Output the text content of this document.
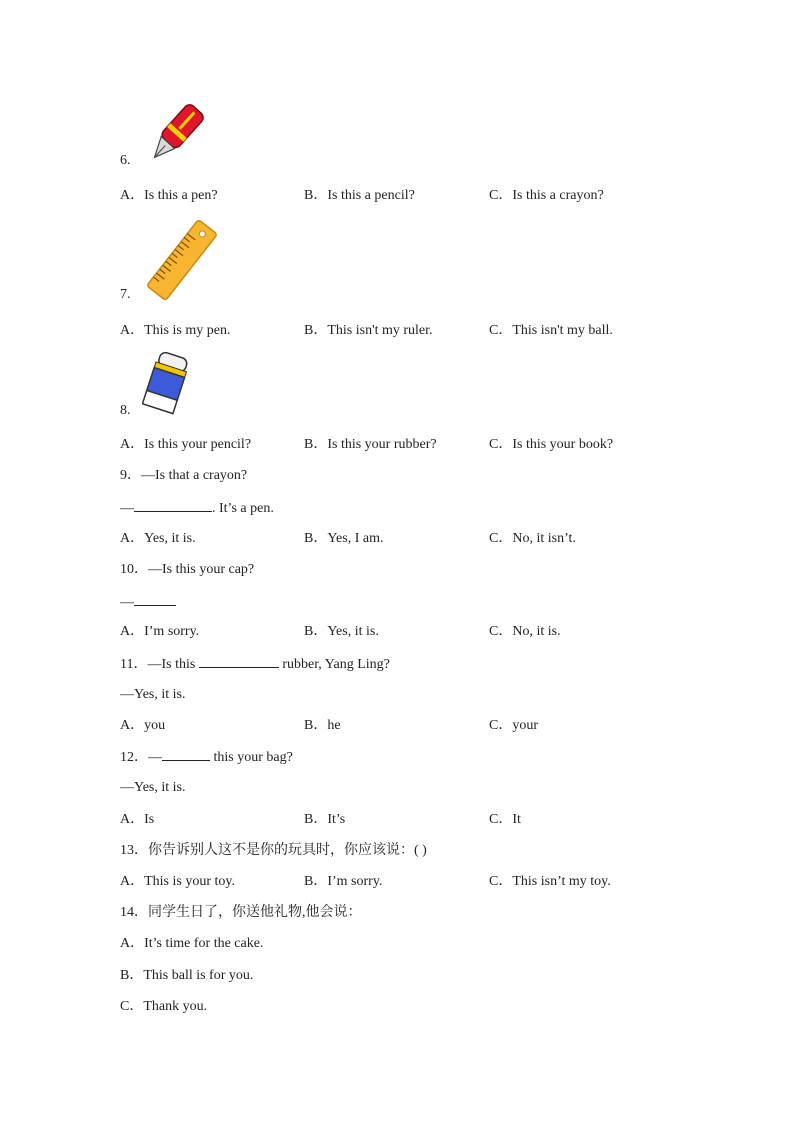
6.
A．Is this a pen?	B．Is this a pencil?	C．Is this a crayon?
7.
A．This is my pen.	B．This isn't my ruler.	C．This isn't my ball.
8.
A．Is this your pencil?	B．Is this your rubber?	C．Is this your book?
9．—Is that a crayon?
—	. It’s a pen.
A．Yes, it is.	B．Yes, I am.	C．No, it isn’t.
10．—Is this your cap?
—
A．I’m sorry.	B．Yes, it is.	C．No, it is.
11．—Is this	rubber, Yang Ling?
—Yes, it is.
A．you	B．he	C．your
12．—	this your bag?
—Yes, it is.
A．Is	B．It’s	C．It
13．你告诉别人这不是你的玩具时，你应该说：( )
A．This is your toy.	B．I’m sorry.	C．This isn’t my toy.
14．同学生日了，你送他礼物,他会说：
A．It’s time for the cake.
B．This ball is for you.
C．Thank you.
